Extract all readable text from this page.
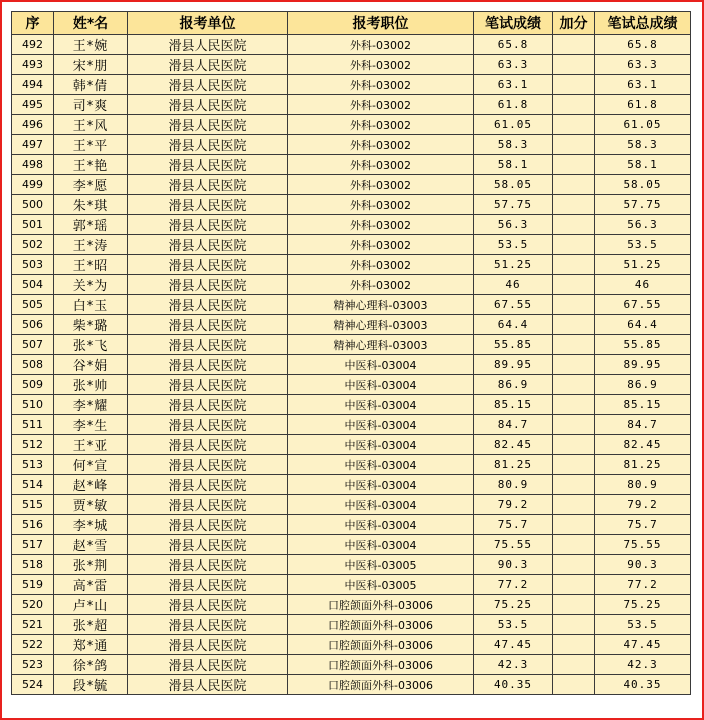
序	姓*名	报考单位	报考职位	笔试成绩	加分	笔试总成绩
492	王*婉	滑县人民医院	外科-03002	65.8		65.8
493	宋*朋	滑县人民医院	外科-03002	63.3		63.3
494	韩*倩	滑县人民医院	外科-03002	63.1		63.1
495	司*爽	滑县人民医院	外科-03002	61.8		61.8
496	王*风	滑县人民医院	外科-03002	61.05		61.05
497	王*平	滑县人民医院	外科-03002	58.3		58.3
498	王*艳	滑县人民医院	外科-03002	58.1		58.1
499	李*愿	滑县人民医院	外科-03002	58.05		58.05
500	朱*琪	滑县人民医院	外科-03002	57.75		57.75
501	郭*瑶	滑县人民医院	外科-03002	56.3		56.3
502	王*涛	滑县人民医院	外科-03002	53.5		53.5
503	王*昭	滑县人民医院	外科-03002	51.25		51.25
504	关*为	滑县人民医院	外科-03002	46		46
505	白*玉	滑县人民医院	精神心理科-03003	67.55		67.55
506	柴*璐	滑县人民医院	精神心理科-03003	64.4		64.4
507	张*飞	滑县人民医院	精神心理科-03003	55.85		55.85
508	谷*娟	滑县人民医院	中医科-03004	89.95		89.95
509	张*帅	滑县人民医院	中医科-03004	86.9		86.9
510	李*耀	滑县人民医院	中医科-03004	85.15		85.15
511	李*生	滑县人民医院	中医科-03004	84.7		84.7
512	王*亚	滑县人民医院	中医科-03004	82.45		82.45
513	何*宣	滑县人民医院	中医科-03004	81.25		81.25
514	赵*峰	滑县人民医院	中医科-03004	80.9		80.9
515	贾*敏	滑县人民医院	中医科-03004	79.2		79.2
516	李*城	滑县人民医院	中医科-03004	75.7		75.7
517	赵*雪	滑县人民医院	中医科-03004	75.55		75.55
518	张*荆	滑县人民医院	中医科-03005	90.3		90.3
519	高*雷	滑县人民医院	中医科-03005	77.2		77.2
520	卢*山	滑县人民医院	口腔颌面外科-03006	75.25		75.25
521	张*超	滑县人民医院	口腔颌面外科-03006	53.5		53.5
522	郑*通	滑县人民医院	口腔颌面外科-03006	47.45		47.45
523	徐*鸽	滑县人民医院	口腔颌面外科-03006	42.3		42.3
524	段*毓	滑县人民医院	口腔颌面外科-03006	40.35		40.35
